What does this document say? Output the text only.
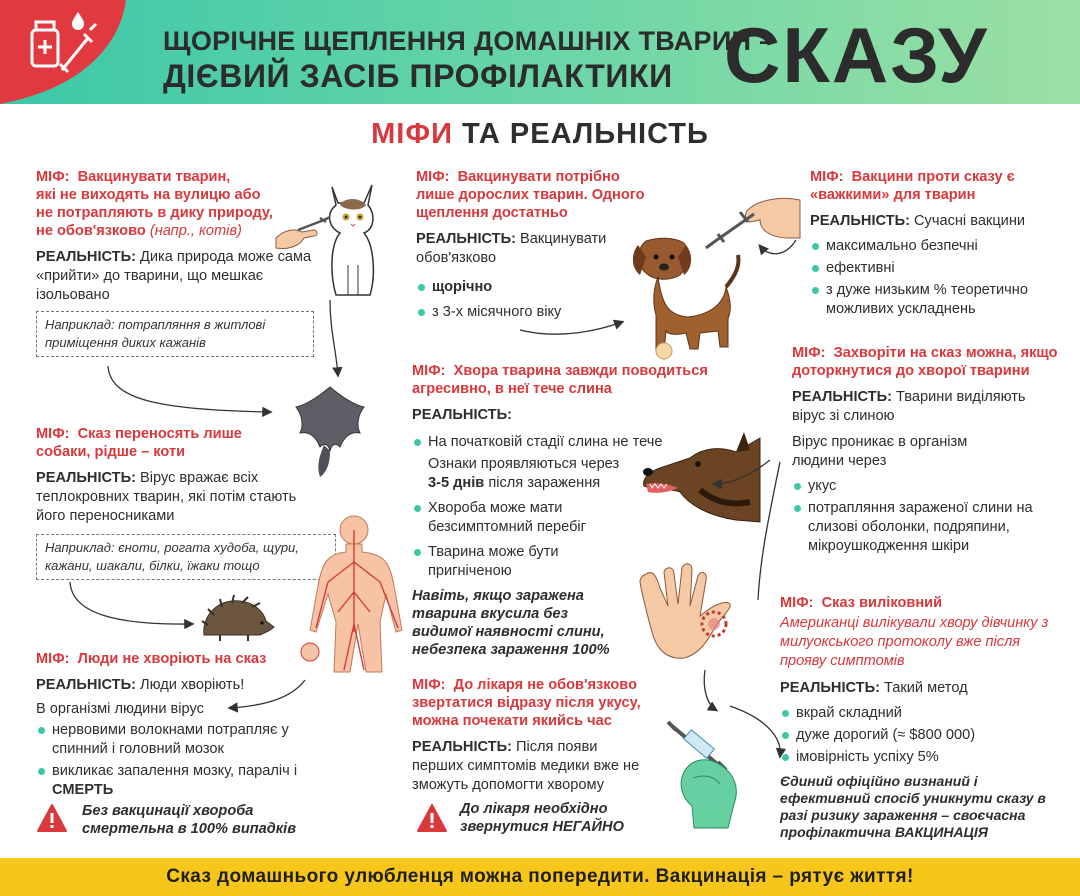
ЩОРІЧНЕ ЩЕПЛЕННЯ ДОМАШНІХ ТВАРИН –
ДІЄВИЙ ЗАСІБ ПРОФІЛАКТИКИ СКАЗУ
МІФИ ТА РЕАЛЬНІСТЬ
МІФ: Вакцинувати тварин,
які не виходять на вулицю або
не потрапляють в дику природу,
не обов'язково (напр., котів)
РЕАЛЬНІСТЬ: Дика природа може сама «прийти» до тварини, що мешкає ізольовано
Наприклад: потрапляння в житлові приміщення диких кажанів
МІФ: Сказ переносять лише собаки, рідше – коти
РЕАЛЬНІСТЬ: Вірус вражає всіх теплокровних тварин, які потім стають його переносниками
Наприклад: єноти, рогата худоба, щури, кажани, шакали, білки, їжаки тощо
МІФ: Люди не хворіють на сказ
РЕАЛЬНІСТЬ: Люди хворіють!
В організмі людини вірус
нервовими волокнами потрапляє у спинний і головний мозок
викликає запалення мозку, параліч і СМЕРТЬ
Без вакцинації хвороба смертельна в 100% випадків
МІФ: Вакцинувати потрібно лише дорослих тварин. Одного щеплення достатньо
РЕАЛЬНІСТЬ: Вакцинувати обов'язково
щорічно
з 3-х місячного віку
МІФ: Хвора тварина завжди поводиться агресивно, в неї тече слина
РЕАЛЬНІСТЬ:
На початковій стадії слина не тече
Ознаки проявляються через 3-5 днів після зараження
Хвороба може мати безсимптомний перебіг
Тварина може бути пригніченою
Навіть, якщо заражена тварина вкусила без видимої наявності слини, небезпека зараження 100%
МІФ: До лікаря не обов'язково звертатися відразу після укусу, можна почекати якийсь час
РЕАЛЬНІСТЬ: Після появи перших симптомів медики вже не зможуть допомогти хворому
До лікаря необхідно звернутися НЕГАЙНО
МІФ: Вакцини проти сказу є «важкими» для тварин
РЕАЛЬНІСТЬ: Сучасні вакцини
максимально безпечні
ефективні
з дуже низьким % теоретично можливих ускладнень
МІФ: Захворіти на сказ можна, якщо доторкнутися до хворої тварини
РЕАЛЬНІСТЬ: Тварини виділяють вірус зі слиною
Вірус проникає в організм людини через
укус
потрапляння зараженої слини на слизові оболонки, подряпини, мікроушкодження шкіри
МІФ: Сказ виліковний
Американці вилікували хвору дівчинку з милуокського протоколу вже після прояву симптомів
РЕАЛЬНІСТЬ: Такий метод
вкрай складний
дуже дорогий (≈ $800 000)
імовірність успіху 5%
Єдиний офіційно визнаний і ефективний спосіб уникнути сказу в разі ризику зараження – своєчасна профілактична ВАКЦИНАЦІЯ
Сказ домашнього улюбленця можна попередити. Вакцинація – рятує життя!
